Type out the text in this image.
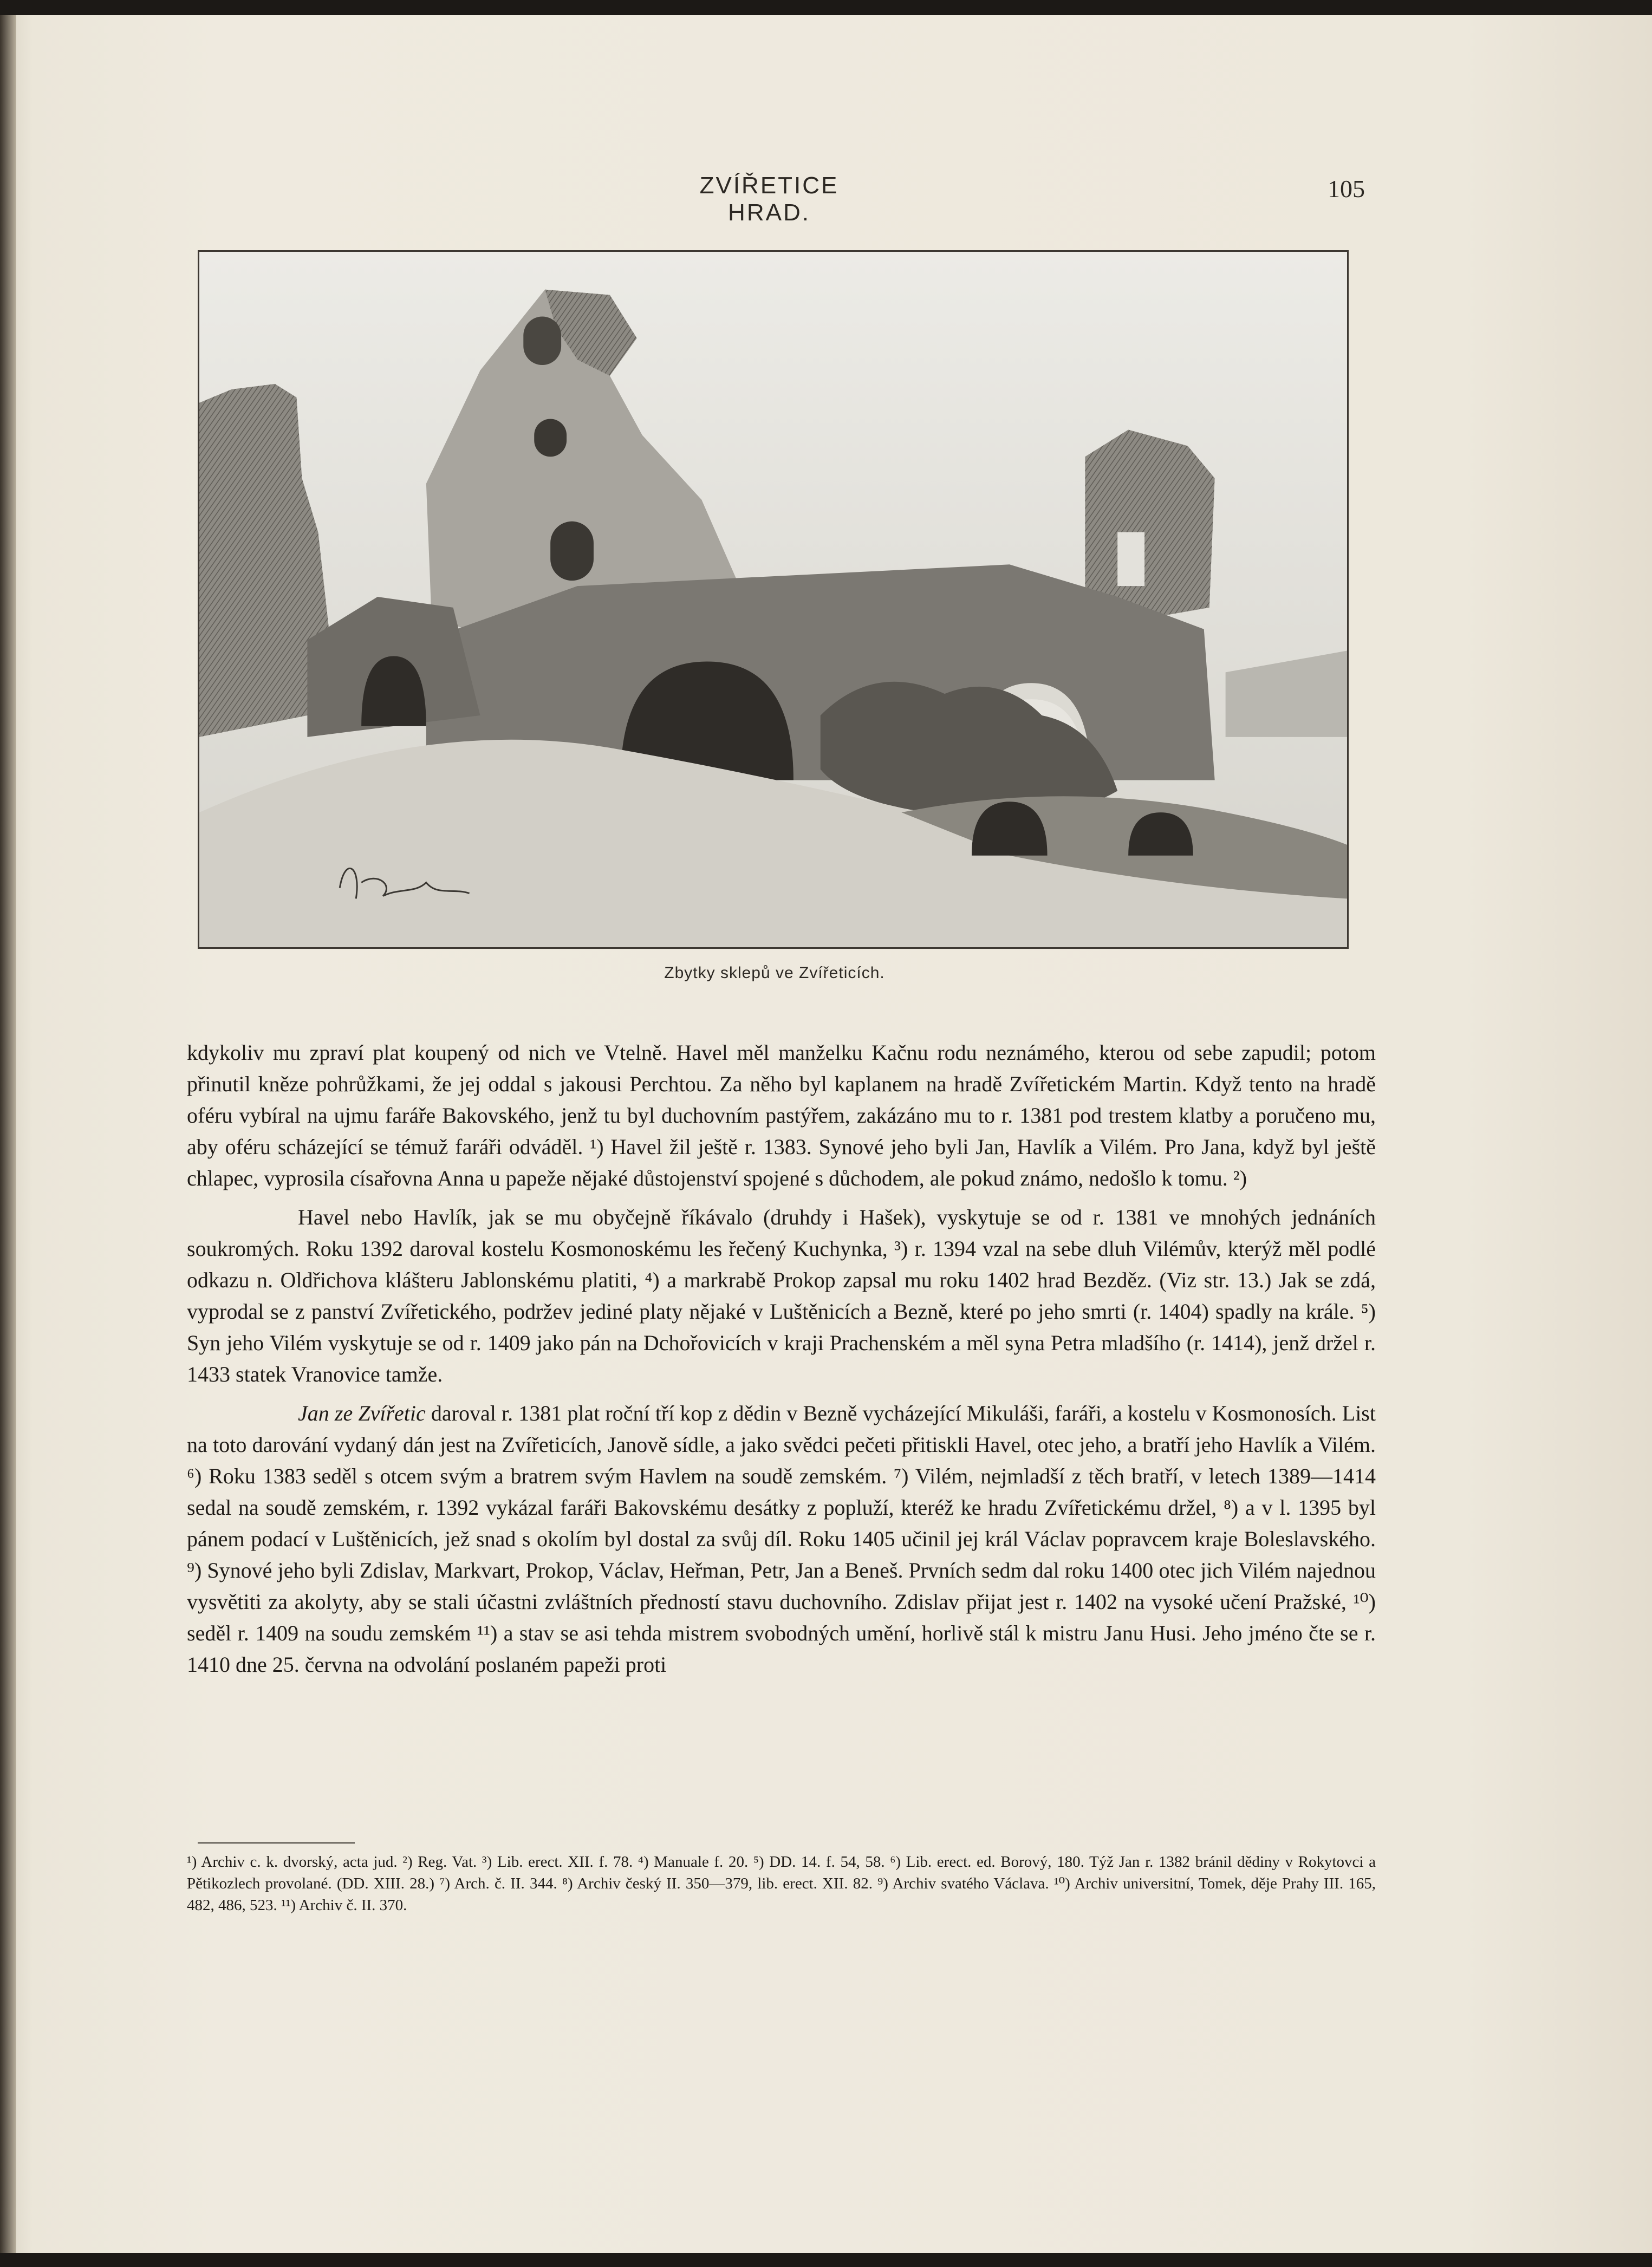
ZVÍŘETICE HRAD.
105
Zbytky sklepů ve Zvířeticích.

kdykoliv mu zpraví plat koupený od nich ve Vtelně. Havel měl manželku Kačnu rodu neznámého, kterou od sebe zapudil; potom přinutil kněze pohrůžkami, že jej oddal s jakousi Perchtou. Za něho byl kaplanem na hradě Zvířetickém Martin. Když tento na hradě oféru vybíral na ujmu faráře Bakovského, jenž tu byl duchovním pastýřem, zakázáno mu to r. 1381 pod trestem klatby a poručeno mu, aby oféru scházející se témuž faráři odváděl. ¹) Havel žil ještě r. 1383. Synové jeho byli Jan, Havlík a Vilém. Pro Jana, když byl ještě chlapec, vyprosila císařovna Anna u papeže nějaké důstojenství spojené s důchodem, ale pokud známo, nedošlo k tomu. ²)

Havel nebo Havlík, jak se mu obyčejně říkávalo (druhdy i Hašek), vyskytuje se od r. 1381 ve mnohých jednáních soukromých. Roku 1392 daroval kostelu Kosmonoskému les řečený Kuchynka, ³) r. 1394 vzal na sebe dluh Vilémův, kterýž měl podlé odkazu n. Oldřichova klášteru Jablonskému platiti, ⁴) a markrabě Prokop zapsal mu roku 1402 hrad Bezděz. (Viz str. 13.) Jak se zdá, vyprodal se z panství Zvířetického, podržev jediné platy nějaké v Luštěnicích a Bezně, které po jeho smrti (r. 1404) spadly na krále. ⁵) Syn jeho Vilém vyskytuje se od r. 1409 jako pán na Dchořovicích v kraji Prachenském a měl syna Petra mladšího (r. 1414), jenž držel r. 1433 statek Vranovice tamže.

Jan ze Zvířetic daroval r. 1381 plat roční tří kop z dědin v Bezně vycházející Mikuláši, faráři, a kostelu v Kosmonosích. List na toto darování vydaný dán jest na Zvířeticích, Janově sídle, a jako svědci pečeti přitiskli Havel, otec jeho, a bratří jeho Havlík a Vilém. ⁶) Roku 1383 seděl s otcem svým a bratrem svým Havlem na soudě zemském. ⁷) Vilém, nejmladší z těch bratří, v letech 1389—1414 sedal na soudě zemském, r. 1392 vykázal faráři Bakovskému desátky z popluží, kteréž ke hradu Zvířetickému držel, ⁸) a v l. 1395 byl pánem podací v Luštěnicích, jež snad s okolím byl dostal za svůj díl. Roku 1405 učinil jej král Václav popravcem kraje Boleslavského. ⁹) Synové jeho byli Zdislav, Markvart, Prokop, Václav, Heřman, Petr, Jan a Beneš. Prvních sedm dal roku 1400 otec jich Vilém najednou vysvětiti za akolyty, aby se stali účastni zvláštních předností stavu duchovního. Zdislav přijat jest r. 1402 na vysoké učení Pražské, ¹⁰) seděl r. 1409 na soudu zemském ¹¹) a stav se asi tehda mistrem svobodných umění, horlivě stál k mistru Janu Husi. Jeho jméno čte se r. 1410 dne 25. června na odvolání poslaném papeži proti

¹) Archiv c. k. dvorský, acta jud. ²) Reg. Vat. ³) Lib. erect. XII. f. 78. ⁴) Manuale f. 20. ⁵) DD. 14. f. 54, 58. ⁶) Lib. erect. ed. Borový, 180. Týž Jan r. 1382 bránil dědiny v Rokytovci a Pětikozlech provolané. (DD. XIII. 28.) ⁷) Arch. č. II. 344. ⁸) Archiv český II. 350—379, lib. erect. XII. 82. ⁹) Archiv svatého Václava. ¹⁰) Archiv universitní, Tomek, děje Prahy III. 165, 482, 486, 523. ¹¹) Archiv č. II. 370.
